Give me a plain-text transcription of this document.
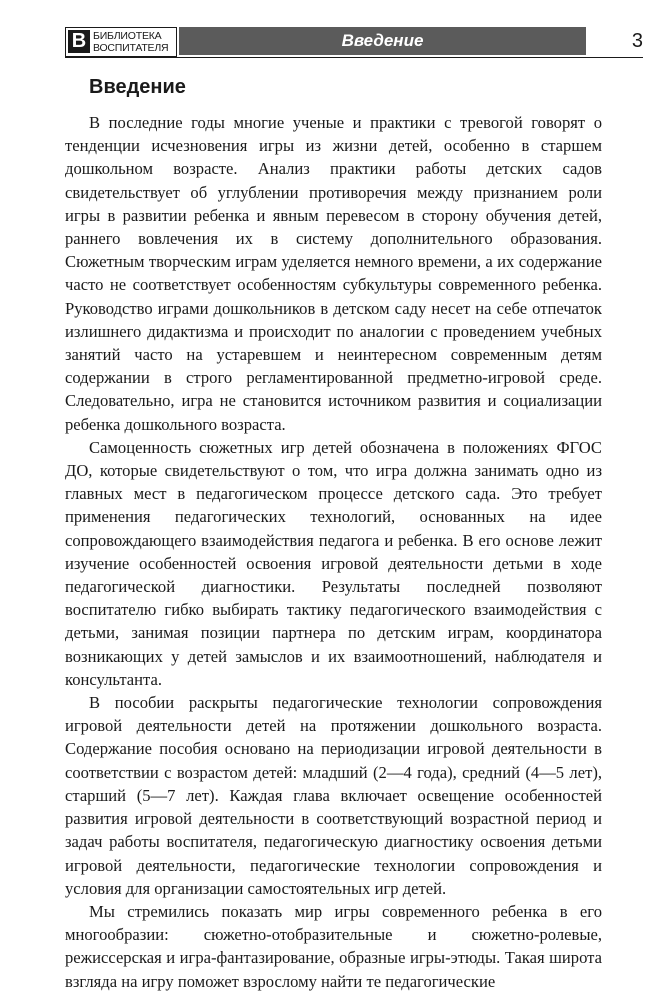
В БИБЛИОТЕКА
ВОСПИТАТЕЛЯ	Введение	3
Введение

В последние годы многие ученые и практики с тревогой говорят о тенденции исчезновения игры из жизни детей, особенно в старшем дошкольном возрасте. Анализ практики работы детских садов свидетельствует об углублении противоречия между признанием роли игры в развитии ребенка и явным перевесом в сторону обучения детей, раннего вовлечения их в систему дополнительного образования. Сюжетным творческим играм уделяется немного времени, а их содержание часто не соответствует особенностям субкультуры современного ребенка. Руководство играми дошкольников в детском саду несет на себе отпечаток излишнего дидактизма и происходит по аналогии с проведением учебных занятий часто на устаревшем и неинтересном современным детям содержании в строго регламентированной предметно-игровой среде. Следовательно, игра не становится источником развития и социализации ребенка дошкольного возраста.

Самоценность сюжетных игр детей обозначена в положениях ФГОС ДО, которые свидетельствуют о том, что игра должна занимать одно из главных мест в педагогическом процессе детского сада. Это требует применения педагогических технологий, основанных на идее сопровождающего взаимодействия педагога и ребенка. В его основе лежит изучение особенностей освоения игровой деятельности детьми в ходе педагогической диагностики. Результаты последней позволяют воспитателю гибко выбирать тактику педагогического взаимодействия с детьми, занимая позиции партнера по детским играм, координатора возникающих у детей замыслов и их взаимоотношений, наблюдателя и консультанта.

В пособии раскрыты педагогические технологии сопровождения игровой деятельности детей на протяжении дошкольного возраста. Содержание пособия основано на периодизации игровой деятельности в соответствии с возрастом детей: младший (2—4 года), средний (4—5 лет), старший (5—7 лет). Каждая глава включает освещение особенностей развития игровой деятельности в соответствующий возрастной период и задач работы воспитателя, педагогическую диагностику освоения детьми игровой деятельности, педагогические технологии сопровождения и условия для организации самостоятельных игр детей.

Мы стремились показать мир игры современного ребенка в его многообразии: сюжетно-отобразительные и сюжетно-ролевые, режиссерская и игра-фантазирование, образные игры-этюды. Такая широта взгляда на игру поможет взрослому найти те педагогические
